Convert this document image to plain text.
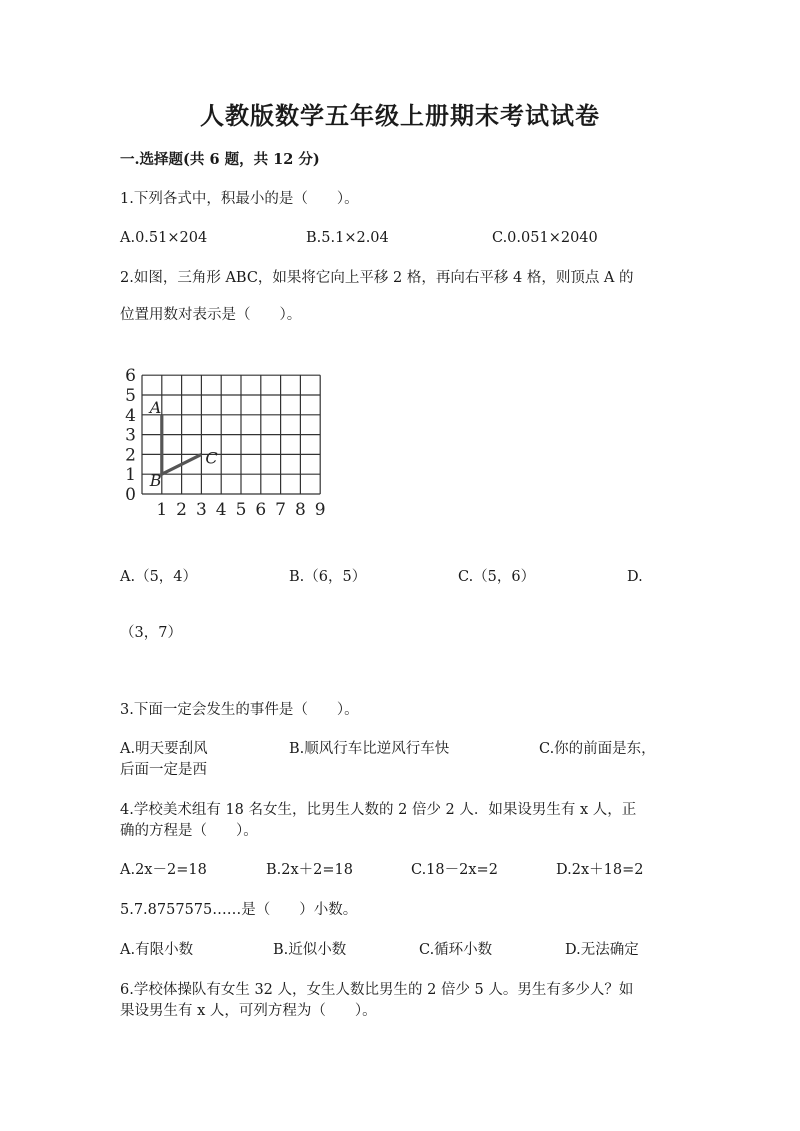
人教版数学五年级上册期末考试试卷
一.选择题(共 6 题，共 12 分)
1.下列各式中，积最小的是（　　）。
A.0.51×204	B.5.1×2.04	C.0.051×2040
2.如图，三角形 ABC，如果将它向上平移 2 格，再向右平移 4 格，则顶点 A 的
位置用数对表示是（　　）。
0
1
2
3
4
5
6
1 2 3 4 5 6 7 8 9
A
B
C
A.（5，4）	B.（6，5）	C.（5，6）	D.
（3，7）
3.下面一定会发生的事件是（　　）。
A.明天要刮风	B.顺风行车比逆风行车快	C.你的前面是东，
后面一定是西
4.学校美术组有 18 名女生，比男生人数的 2 倍少 2 人．如果设男生有 x 人，正
确的方程是（　　）。
A.2x－2=18	B.2x＋2=18	C.18－2x=2	D.2x＋18=2
5.7.8757575……是（　　）小数。
A.有限小数	B.近似小数	C.循环小数	D.无法确定
6.学校体操队有女生 32 人，女生人数比男生的 2 倍少 5 人。男生有多少人？如
果设男生有 x 人，可列方程为（　　）。
